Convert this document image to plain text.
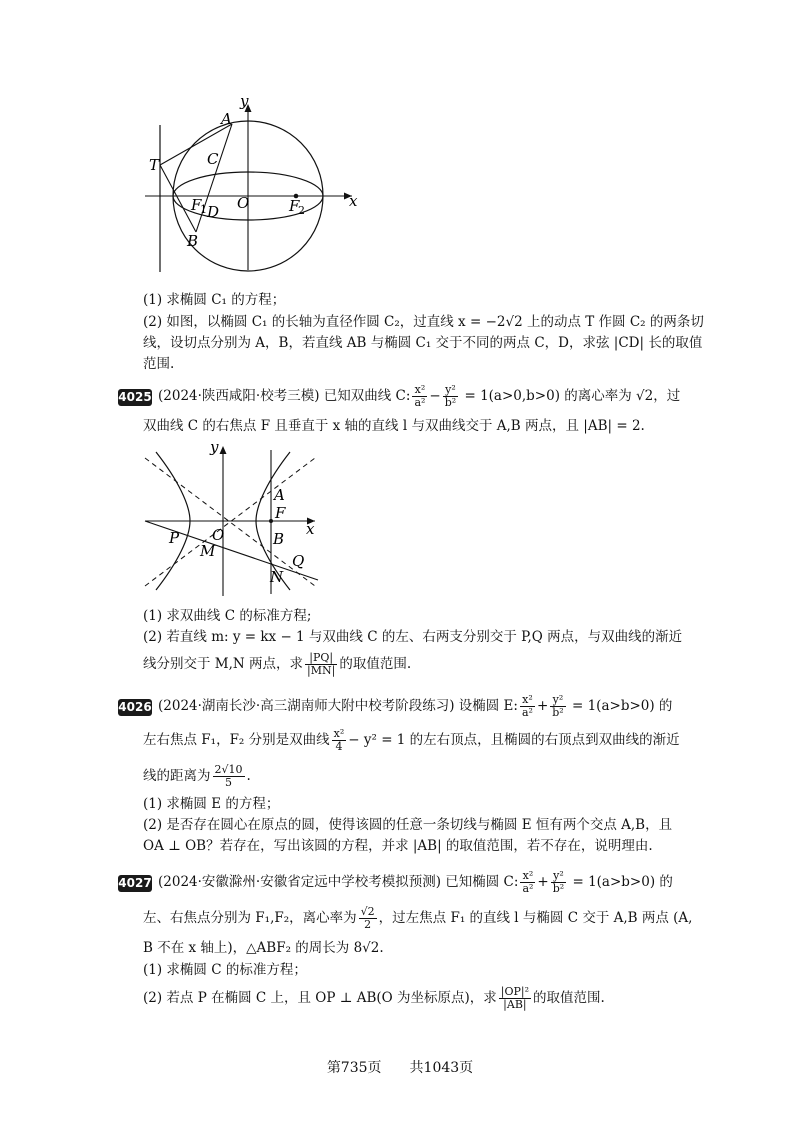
y
x
A
C
T
O
F
1 D	F
2
B
(1) 求椭圆 C₁ 的方程；
(2) 如图，以椭圆 C₁ 的长轴为直径作圆 C₂，过直线 x = −2√2 上的动点 T 作圆 C₂ 的两条切
线，设切点分别为 A，B，若直线 AB 与椭圆 C₁ 交于不同的两点 C，D，求弦 |CD| 长的取值
范围.
4025 (2024·陕西咸阳·校考三模) 已知双曲线 C: $\frac{\text{x²}}{\text{a²}} - \frac{\text{y²}}{\text{b²}} = 1(a>0,b>0)$ 的离心率为 √2，过
双曲线 C 的右焦点 F 且垂直于 x 轴的直线 l 与双曲线交于 A,B 两点，且 |AB| = 2.
y
x
A
F
P O
M
B
Q
N
(1) 求双曲线 C 的标准方程;
(2) 若直线 m: y = kx − 1 与双曲线 C 的左、右两支分别交于 P,Q 两点，与双曲线的渐近
线分别交于 M,N 两点，求 $\frac{|PQ|}{|MN|}$ 的取值范围.
4026 (2024·湖南长沙·高三湖南师大附中校考阶段练习) 设椭圆 E: $\frac{\text{x²}}{\text{a²}} + \frac{\text{y²}}{\text{b²}} = 1(a>b>0)$ 的
左右焦点 F₁，F₂ 分别是双曲线 $\frac{\text{x²}}{4} - y^2 = 1$ 的左右顶点，且椭圆的右顶点到双曲线的渐近
线的距离为 $\frac{2√10}{5}$ .
(1) 求椭圆 E 的方程；
(2) 是否存在圆心在原点的圆，使得该圆的任意一条切线与椭圆 E 恒有两个交点 A,B，且
OA ⊥ OB？若存在，写出该圆的方程，并求 |AB| 的取值范围，若不存在，说明理由.
4027 (2024·安徽滁州·安徽省定远中学校考模拟预测) 已知椭圆 C: $\frac{\text{x²}}{\text{a²}} + \frac{\text{y²}}{\text{b²}} = 1(a>b>0)$ 的
左、右焦点分别为 F₁,F₂，离心率为 $\frac{√2}{2}$ ，过左焦点 F₁ 的直线 l 与椭圆 C 交于 A,B 两点 (A,
B 不在 x 轴上)，△ABF₂ 的周长为 8√2.
(1) 求椭圆 C 的标准方程；
(2) 若点 P 在椭圆 C 上，且 OP ⊥ AB(O 为坐标原点)，求 $\frac{\text{|OP|²}}{|AB|}$ 的取值范围.
第735页　　共1043页
